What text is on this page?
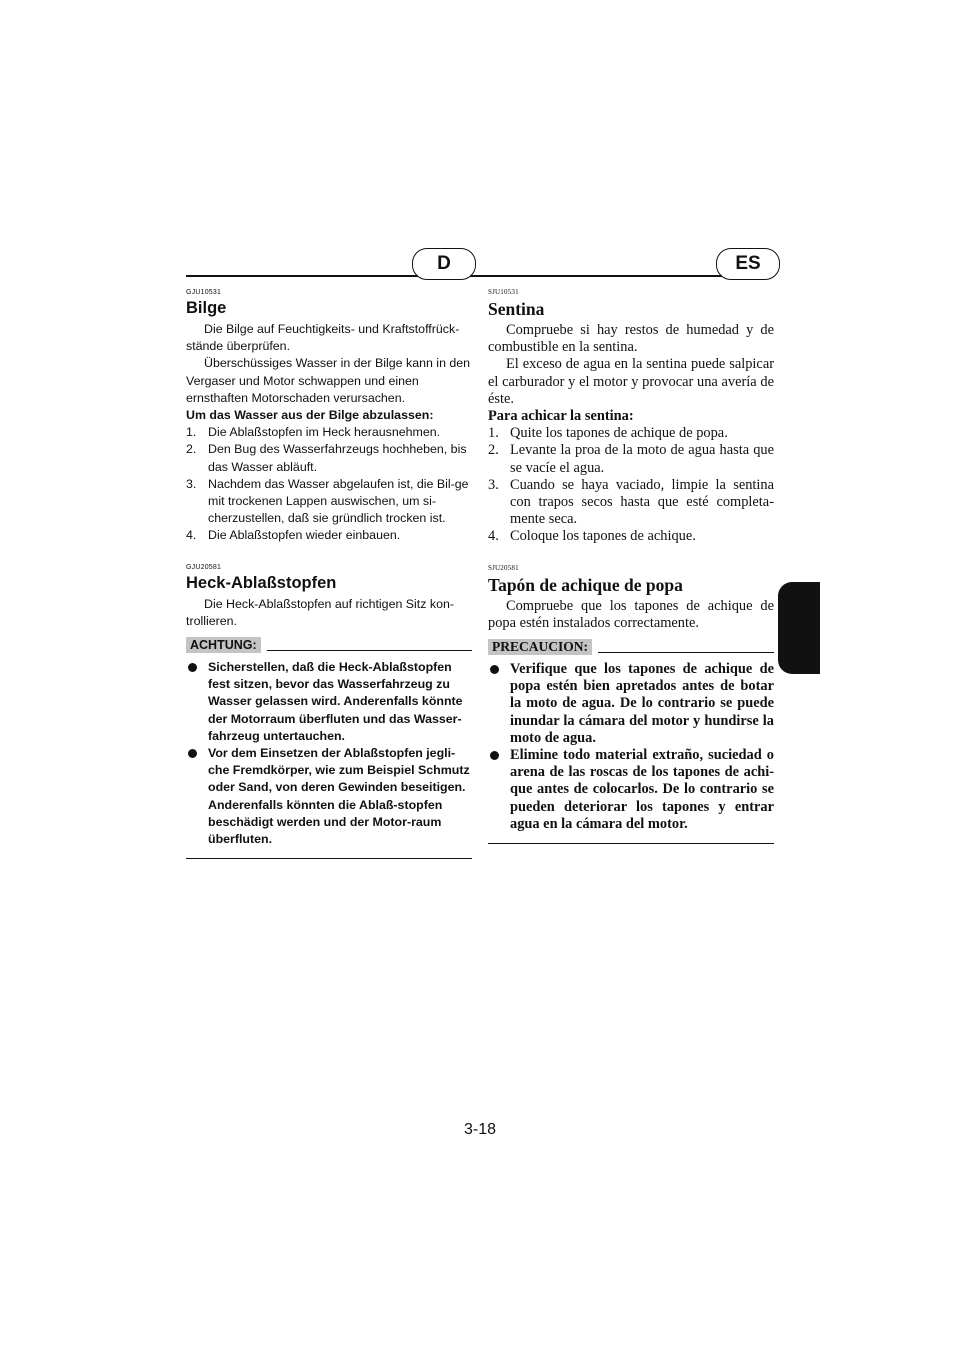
D	ES

GJU10531

Bilge

Die Bilge auf Feuchtigkeits- und Kraftstoffrück-stände überprüfen.

Überschüssiges Wasser in der Bilge kann in den Vergaser und Motor schwappen und einen ernsthaften Motorschaden verursachen.

Um das Wasser aus der Bilge abzulassen:

1. Die Ablaßstopfen im Heck herausnehmen.
2. Den Bug des Wasserfahrzeugs hochheben, bis das Wasser abläuft.
3. Nachdem das Wasser abgelaufen ist, die Bil-ge mit trockenen Lappen auswischen, um si-cherzustellen, daß sie gründlich trocken ist.
4. Die Ablaßstopfen wieder einbauen.

GJU20581

Heck-Ablaßstopfen

Die Heck-Ablaßstopfen auf richtigen Sitz kon-trollieren.

ACHTUNG:
Sicherstellen, daß die Heck-Ablaßstopfen fest sitzen, bevor das Wasserfahrzeug zu Wasser gelassen wird. Anderenfalls könnte der Motorraum überfluten und das Wasser-fahrzeug untertauchen.
Vor dem Einsetzen der Ablaßstopfen jegli-che Fremdkörper, wie zum Beispiel Schmutz oder Sand, von deren Gewinden beseitigen. Anderenfalls könnten die Ablaß-stopfen beschädigt werden und der Motor-raum überfluten.

SJU10531

Sentina

Compruebe si hay restos de humedad y de combustible en la sentina.

El exceso de agua en la sentina puede salpicar el carburador y el motor y provocar una avería de éste.

Para achicar la sentina:

1. Quite los tapones de achique de popa.
2. Levante la proa de la moto de agua hasta que se vacíe el agua.
3. Cuando se haya vaciado, limpie la sentina con trapos secos hasta que esté completa-mente seca.
4. Coloque los tapones de achique.

SJU20581

Tapón de achique de popa

Compruebe que los tapones de achique de popa estén instalados correctamente.

PRECAUCION:
Verifique que los tapones de achique de popa estén bien apretados antes de botar la moto de agua. De lo contrario se puede inundar la cámara del motor y hundirse la moto de agua.
Elimine todo material extraño, suciedad o arena de las roscas de los tapones de achi-que antes de colocarlos. De lo contrario se pueden deteriorar los tapones y entrar agua en la cámara del motor.
3-18
